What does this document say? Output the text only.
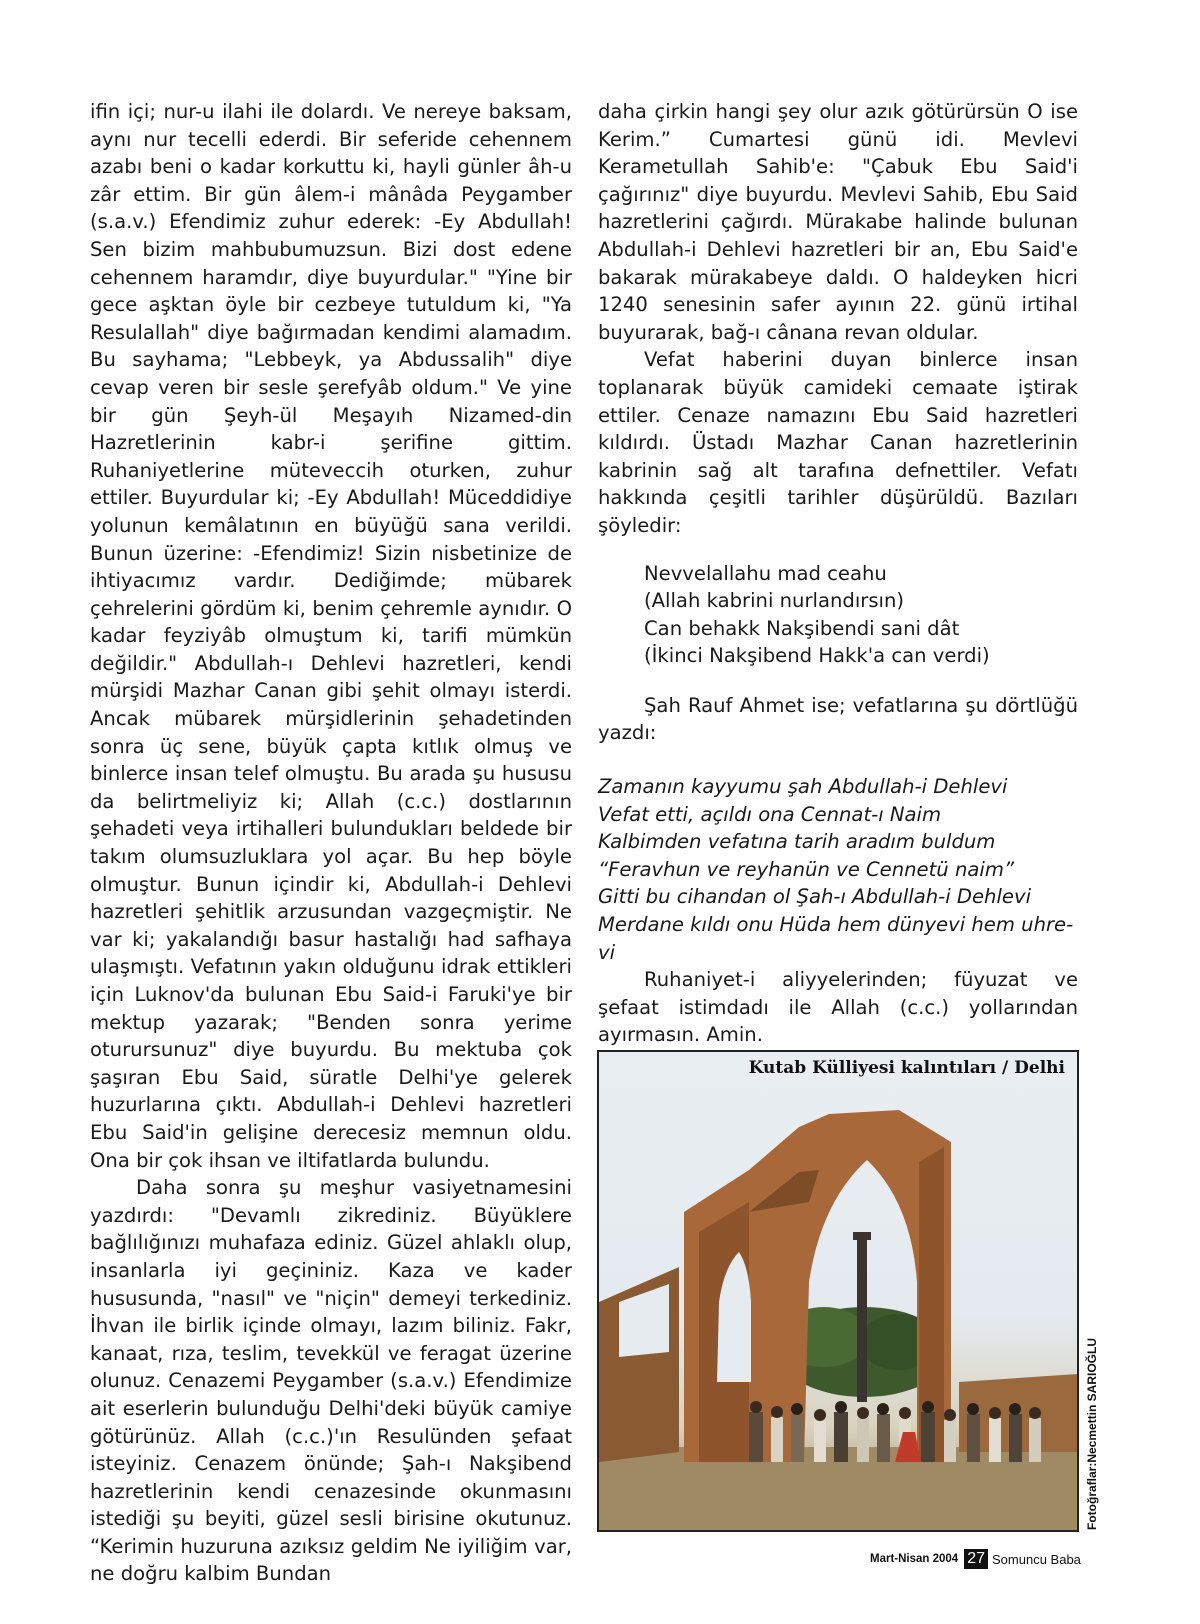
ifin içi; nur-u ilahi ile dolardı. Ve nereye baksam, aynı nur tecelli ederdi. Bir seferide cehennem azabı beni o kadar korkuttu ki, hayli günler âh-u zâr ettim. Bir gün âlem-i mânâda Peygamber (s.a.v.) Efendimiz zuhur ederek: -Ey Abdullah! Sen bizim mahbubumuzsun. Bizi dost edene cehennem haramdır, diye buyurdular." "Yine bir gece aşktan öyle bir cezbeye tutuldum ki, "Ya Resulallah" diye bağırmadan kendimi alamadım. Bu sayhama; "Lebbeyk, ya Abdussalih" diye cevap veren bir sesle şerefyâb oldum." Ve yine bir gün Şeyh-ül Meşayıh Nizamed-din Hazretlerinin kabr-i şerifine gittim. Ruhaniyetlerine müteveccih oturken, zuhur ettiler. Buyurdular ki; -Ey Abdullah! Müceddidiye yolunun kemâlatının en büyüğü sana verildi. Bunun üzerine: -Efendimiz! Sizin nisbetinize de ihtiyacımız vardır. Dediğimde; mübarek çehrelerini gördüm ki, benim çehremle aynıdır. O kadar feyziyâb olmuştum ki, tarifi mümkün değildir." Abdullah-ı Dehlevi hazretleri, kendi mürşidi Mazhar Canan gibi şehit olmayı isterdi. Ancak mübarek mürşidlerinin şehadetinden sonra üç sene, büyük çapta kıtlık olmuş ve binlerce insan telef olmuştu. Bu arada şu hususu da belirtmeliyiz ki; Allah (c.c.) dostlarının şehadeti veya irtihalleri bulundukları beldede bir takım olumsuzluklara yol açar. Bu hep böyle olmuştur. Bunun içindir ki, Abdullah-i Dehlevi hazretleri şehitlik arzusundan vazgeçmiştir. Ne var ki; yakalandığı basur hastalığı had safhaya ulaşmıştı. Vefatının yakın olduğunu idrak ettikleri için Luknov'da bulunan Ebu Said-i Faruki'ye bir mektup yazarak; "Benden sonra yerime oturursunuz" diye buyurdu. Bu mektuba çok şaşıran Ebu Said, süratle Delhi'ye gelerek huzurlarına çıktı. Abdullah-i Dehlevi hazretleri Ebu Said'in gelişine derecesiz memnun oldu. Ona bir çok ihsan ve iltifatlarda bulundu.

Daha sonra şu meşhur vasiyetnamesini yazdırdı: "Devamlı zikrediniz. Büyüklere bağlılığınızı muhafaza ediniz. Güzel ahlaklı olup, insanlarla iyi geçininiz. Kaza ve kader hususunda, "nasıl" ve "niçin" demeyi terkediniz. İhvan ile birlik içinde olmayı, lazım biliniz. Fakr, kanaat, rıza, teslim, tevekkül ve feragat üzerine olunuz. Cenazemi Peygamber (s.a.v.) Efendimize ait eserlerin bulunduğu Delhi'deki büyük camiye götürünüz. Allah (c.c.)'ın Resulünden şefaat isteyiniz. Cenazem önünde; Şah-ı Nakşibend hazretlerinin kendi cenazesinde okunmasını istediği şu beyiti, güzel sesli birisine okutunuz. “Kerimin huzuruna azıksız geldim Ne iyiliğim var, ne doğru kalbim Bundan

daha çirkin hangi şey olur azık götürürsün O ise Kerim.” Cumartesi günü idi. Mevlevi Kerametullah Sahib'e: "Çabuk Ebu Said'i çağırınız" diye buyurdu. Mevlevi Sahib, Ebu Said hazretlerini çağırdı. Mürakabe halinde bulunan Abdullah-i Dehlevi hazretleri bir an, Ebu Said'e bakarak mürakabeye daldı. O haldeyken hicri 1240 senesinin safer ayının 22. günü irtihal buyurarak, bağ-ı cânana revan oldular.

Vefat haberini duyan binlerce insan toplanarak büyük camideki cemaate iştirak ettiler. Cenaze namazını Ebu Said hazretleri kıldırdı. Üstadı Mazhar Canan hazretlerinin kabrinin sağ alt tarafına defnettiler. Vefatı hakkında çeşitli tarihler düşürüldü. Bazıları şöyledir:

Nevvelallahu mad ceahu
(Allah kabrini nurlandırsın)
Can behakk Nakşibendi sani dât
(İkinci Nakşibend Hakk'a can verdi)

Şah Rauf Ahmet ise; vefatlarına şu dörtlüğü yazdı:

Zamanın kayyumu şah Abdullah-i Dehlevi
Vefat etti, açıldı ona Cennat-ı Naim
Kalbimden vefatına tarih aradım buldum
“Feravhun ve reyhanün ve Cennetü naim”
Gitti bu cihandan ol Şah-ı Abdullah-i Dehlevi
Merdane kıldı onu Hüda hem dünyevi hem uhre-
vi

Ruhaniyet-i aliyyelerinden; füyuzat ve şefaat istimdadı ile Allah (c.c.) yollarından ayırmasın. Amin.

Kutab Külliyesi kalıntıları / Delhi
Fotoğraflar:Necmettin SARIOĞLU
Mart-Nisan 2004 27 Somuncu Baba
